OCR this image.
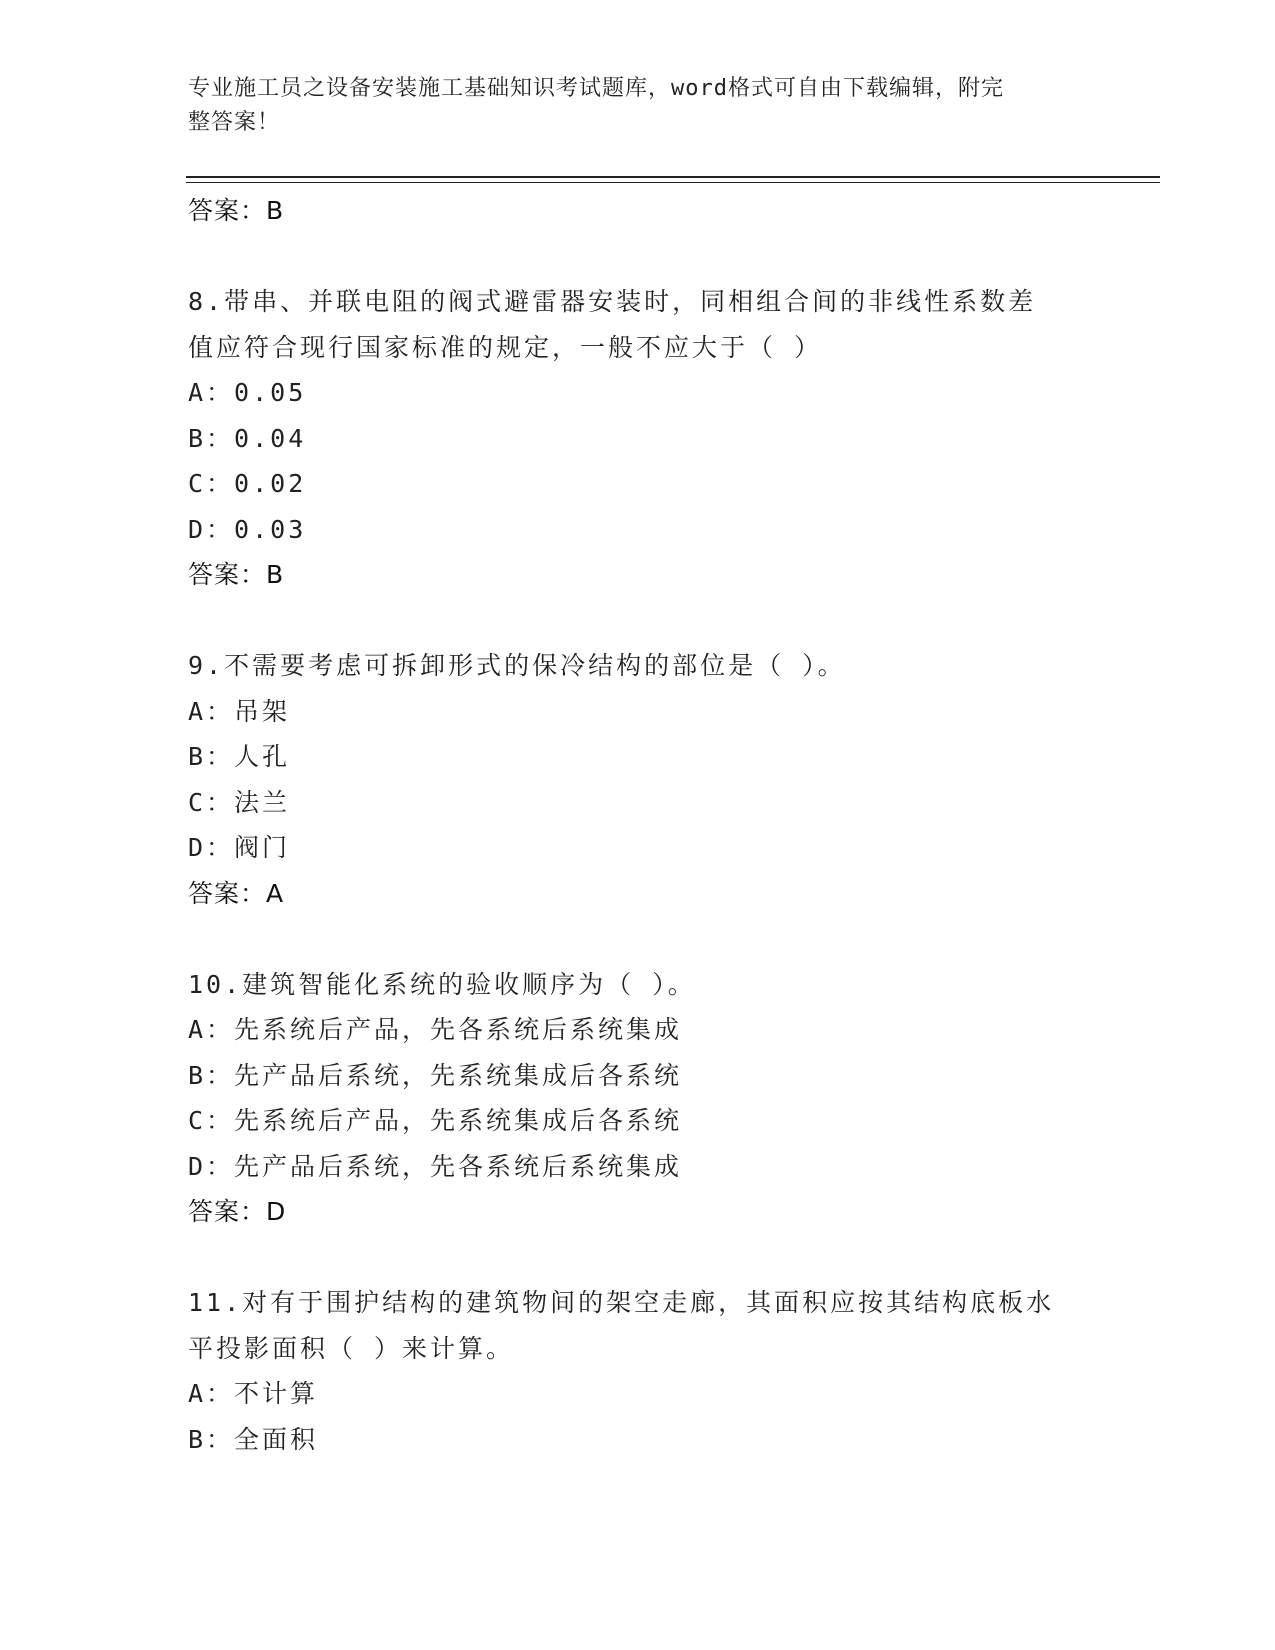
专业施工员之设备安装施工基础知识考试题库，word格式可自由下载编辑，附完
整答案！
答案：B
8.带串、并联电阻的阀式避雷器安装时，同相组合间的非线性系数差
值应符合现行国家标准的规定，一般不应大于（ ）
A：0.05
B：0.04
C：0.02
D：0.03
答案：B
9.不需要考虑可拆卸形式的保冷结构的部位是（ ）。
A：吊架
B：人孔
C：法兰
D：阀门
答案：A
10.建筑智能化系统的验收顺序为（ ）。
A：先系统后产品，先各系统后系统集成
B：先产品后系统，先系统集成后各系统
C：先系统后产品，先系统集成后各系统
D：先产品后系统，先各系统后系统集成
答案：D
11.对有于围护结构的建筑物间的架空走廊，其面积应按其结构底板水
平投影面积（ ）来计算。
A：不计算
B：全面积
